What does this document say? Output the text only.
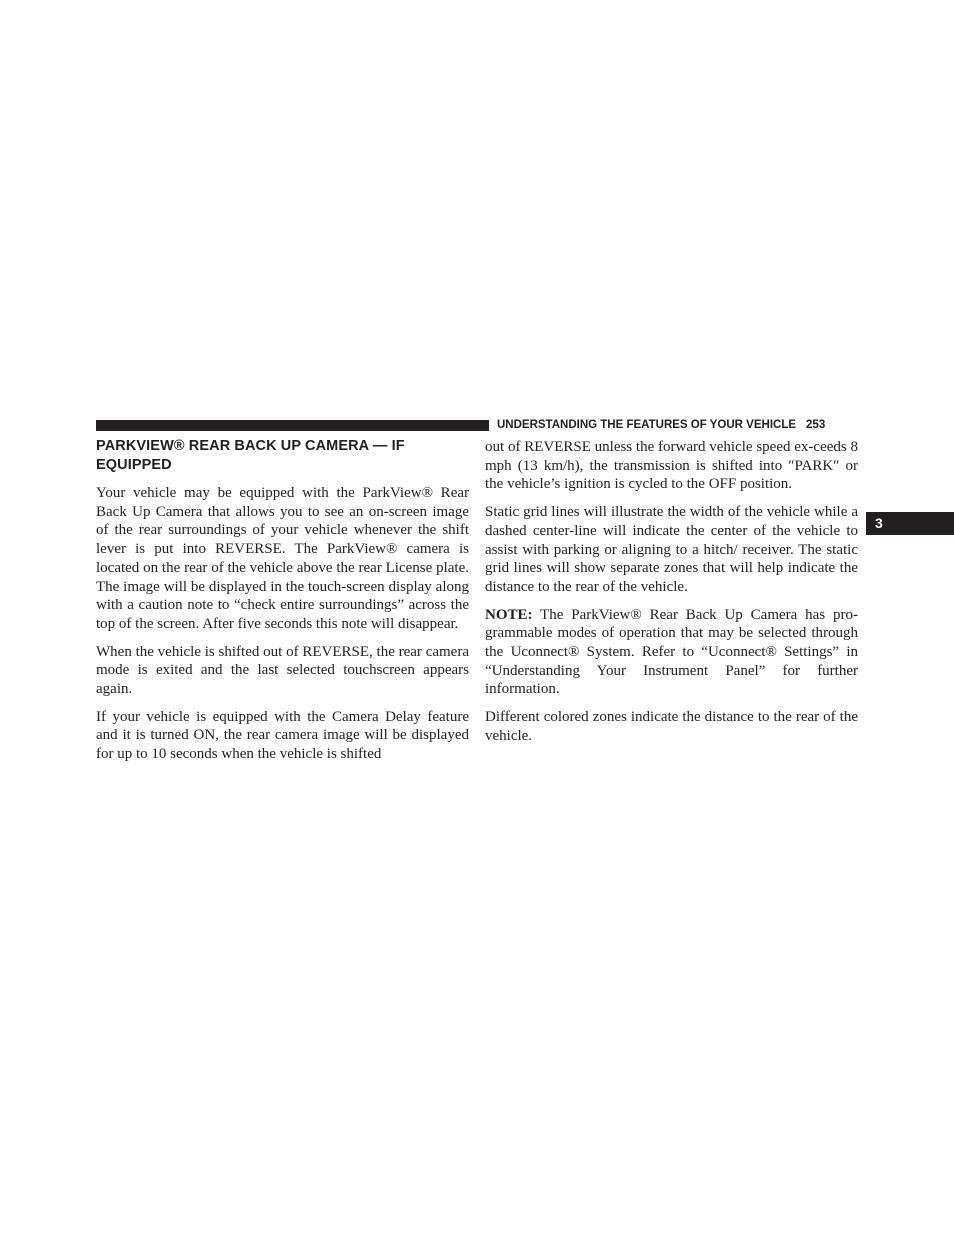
UNDERSTANDING THE FEATURES OF YOUR VEHICLE 253
3
PARKVIEW® REAR BACK UP CAMERA — IF EQUIPPED

Your vehicle may be equipped with the ParkView® Rear Back Up Camera that allows you to see an on-screen image of the rear surroundings of your vehicle whenever the shift lever is put into REVERSE. The ParkView® camera is located on the rear of the vehicle above the rear License plate. The image will be displayed in the touch-screen display along with a caution note to “check entire surroundings” across the top of the screen. After five seconds this note will disappear.

When the vehicle is shifted out of REVERSE, the rear camera mode is exited and the last selected touchscreen appears again.

If your vehicle is equipped with the Camera Delay feature and it is turned ON, the rear camera image will be displayed for up to 10 seconds when the vehicle is shifted

out of REVERSE unless the forward vehicle speed ex-ceeds 8 mph (13 km/h), the transmission is shifted into ″PARK″ or the vehicle’s ignition is cycled to the OFF position.

Static grid lines will illustrate the width of the vehicle while a dashed center-line will indicate the center of the vehicle to assist with parking or aligning to a hitch/ receiver. The static grid lines will show separate zones that will help indicate the distance to the rear of the vehicle.

NOTE: The ParkView® Rear Back Up Camera has pro-grammable modes of operation that may be selected through the Uconnect® System. Refer to “Uconnect® Settings” in “Understanding Your Instrument Panel” for further information.

Different colored zones indicate the distance to the rear of the vehicle.
